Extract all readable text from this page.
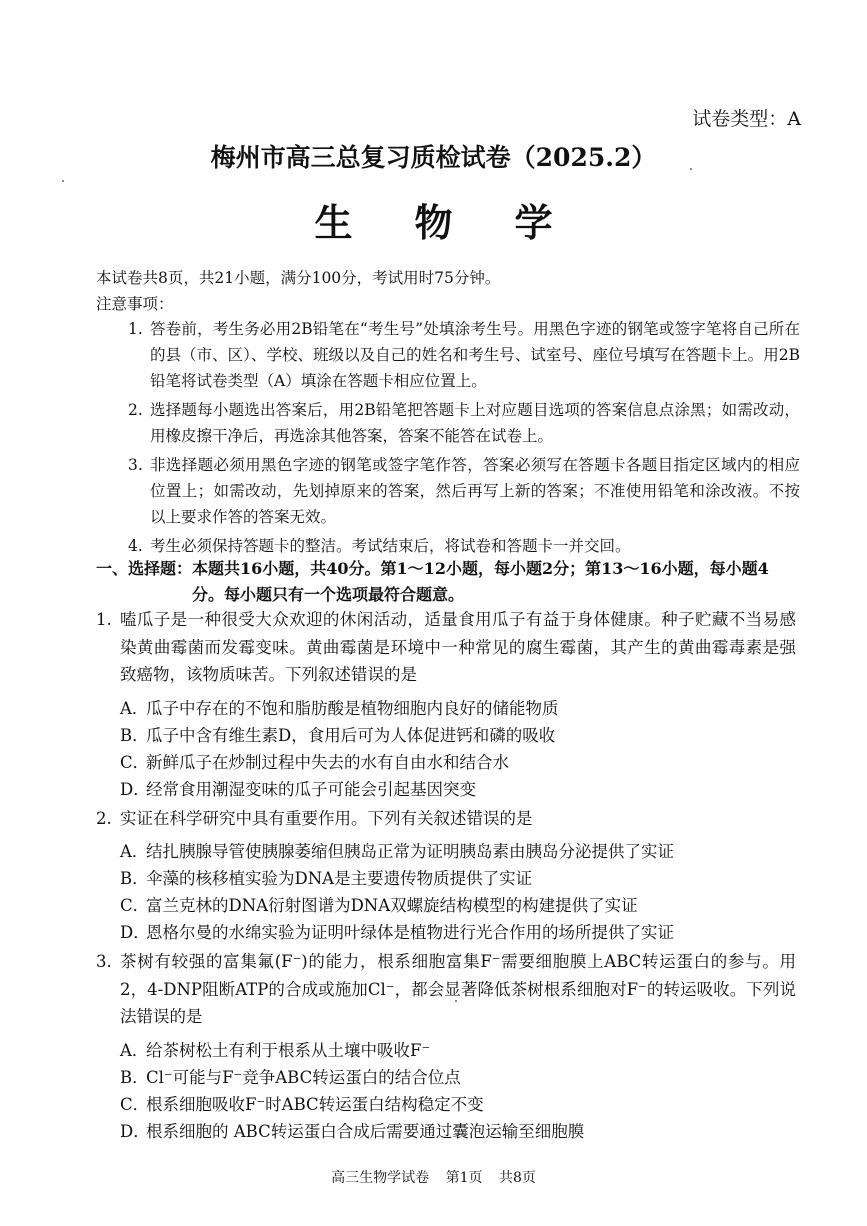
试卷类型：A
梅州市高三总复习质检试卷（2025.2）
生物学
本试卷共8页，共21小题，满分100分，考试用时75分钟。
注意事项：
1. 答卷前，考生务必用2B铅笔在“考生号”处填涂考生号。用黑色字迹的钢笔或签字笔将自己所在的县（市、区）、学校、班级以及自己的姓名和考生号、试室号、座位号填写在答题卡上。用2B铅笔将试卷类型（A）填涂在答题卡相应位置上。
2. 选择题每小题选出答案后，用2B铅笔把答题卡上对应题目选项的答案信息点涂黑；如需改动，用橡皮擦干净后，再选涂其他答案，答案不能答在试卷上。
3. 非选择题必须用黑色字迹的钢笔或签字笔作答，答案必须写在答题卡各题目指定区域内的相应位置上；如需改动，先划掉原来的答案，然后再写上新的答案；不准使用铅笔和涂改液。不按以上要求作答的答案无效。
4. 考生必须保持答题卡的整洁。考试结束后，将试卷和答题卡一并交回。
一、选择题： 本题共16小题，共40分。第1～12小题，每小题2分；第13～16小题，每小题4分。每小题只有一个选项最符合题意。
1. 嗑瓜子是一种很受大众欢迎的休闲活动，适量食用瓜子有益于身体健康。种子贮藏不当易感染黄曲霉菌而发霉变味。黄曲霉菌是环境中一种常见的腐生霉菌，其产生的黄曲霉毒素是强致癌物，该物质味苦。下列叙述错误的是
A．
瓜子中存在的不饱和脂肪酸是植物细胞内良好的储能物质
B．
瓜子中含有维生素D，食用后可为人体促进钙和磷的吸收
C．
新鲜瓜子在炒制过程中失去的水有自由水和结合水
D．
经常食用潮湿变味的瓜子可能会引起基因突变
2. 实证在科学研究中具有重要作用。下列有关叙述错误的是
A．
结扎胰腺导管使胰腺萎缩但胰岛正常为证明胰岛素由胰岛分泌提供了实证
B．
伞藻的核移植实验为DNA是主要遗传物质提供了实证
C．
富兰克林的DNA衍射图谱为DNA双螺旋结构模型的构建提供了实证
D．
恩格尔曼的水绵实验为证明叶绿体是植物进行光合作用的场所提供了实证
3. 茶树有较强的富集氟(F⁻)的能力，根系细胞富集F⁻需要细胞膜上ABC转运蛋白的参与。用2，4-DNP阻断ATP的合成或施加Cl⁻，都会显著降低茶树根系细胞对F⁻的转运吸收。下列说法错误的是
A．
给茶树松土有利于根系从土壤中吸收F⁻
B．
Cl⁻可能与F⁻竞争ABC转运蛋白的结合位点
C．
根系细胞吸收F⁻时ABC转运蛋白结构稳定不变
D．
根系细胞的 ABC转运蛋白合成后需要通过囊泡运输至细胞膜
高三生物学试卷 第1页 共8页
